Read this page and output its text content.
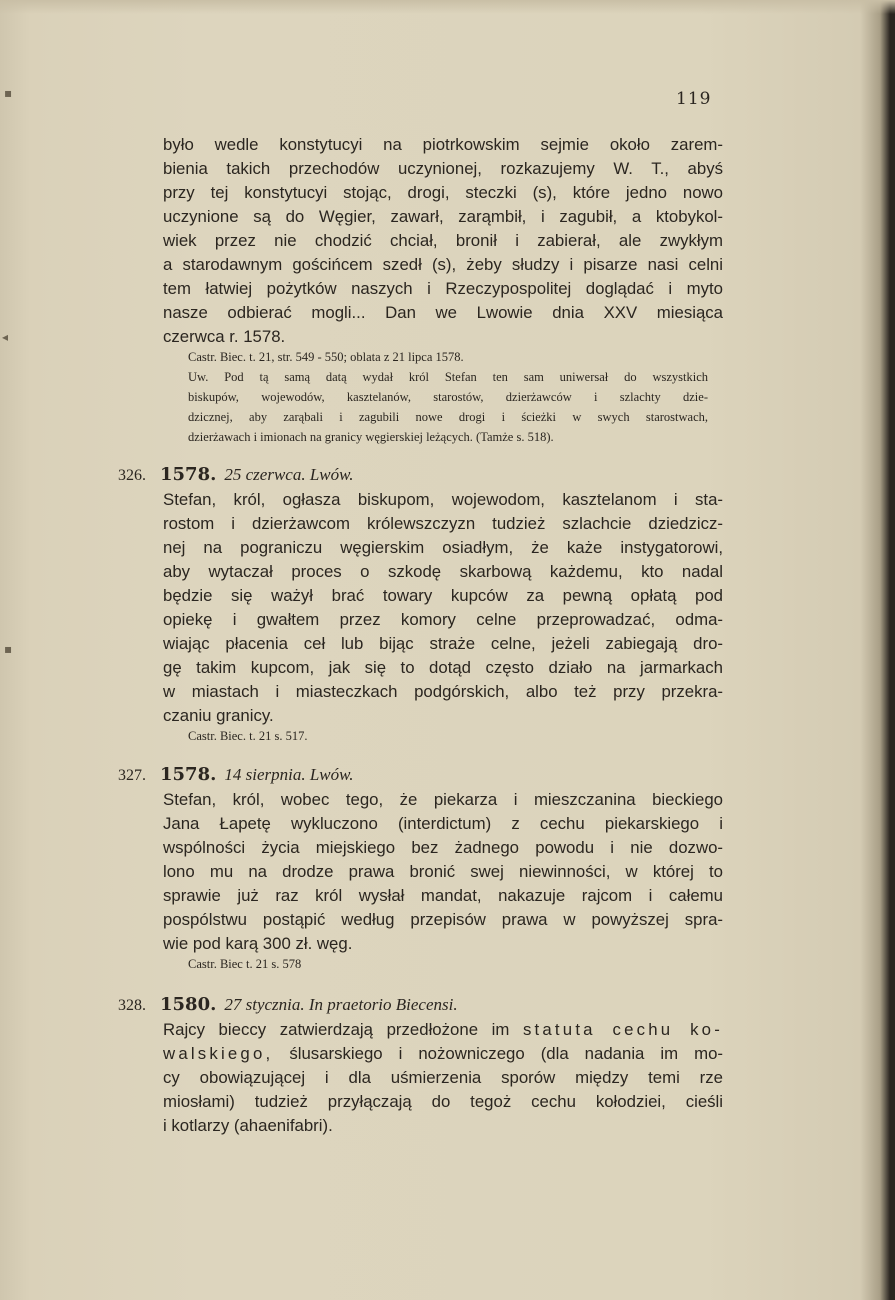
▪
◂
▪
119
było wedle konstytucyi na piotrkowskim sejmie około zarem-
bienia takich przechodów uczynionej, rozkazujemy W. T., abyś
przy tej konstytucyi stojąc, drogi, steczki (s), które jedno nowo
uczynione są do Węgier, zawarł, zarąmbił, i zagubił, a ktobykol-
wiek przez nie chodzić chciał, bronił i zabierał, ale zwykłym
a starodawnym gościńcem szedł (s), żeby słudzy i pisarze nasi celni
tem łatwiej pożytków naszych i Rzeczypospolitej doglądać i myto
nasze odbierać mogli... Dan we Lwowie dnia XXV miesiąca
czerwca r. 1578.
Castr. Biec. t. 21, str. 549 - 550; oblata z 21 lipca 1578.
Uw. Pod tą samą datą wydał król Stefan ten sam uniwersał do wszystkich
biskupów, wojewodów, kasztelanów, starostów, dzierżawców i szlachty dzie-
dzicznej, aby zarąbali i zagubili nowe drogi i ścieżki w swych starostwach,
dzierżawach i imionach na granicy węgierskiej leżących. (Tamże s. 518).
326. 1578. 25 czerwca. Lwów.
Stefan, król, ogłasza biskupom, wojewodom, kasztelanom i sta-
rostom i dzierżawcom królewszczyzn tudzież szlachcie dziedzicz-
nej na pograniczu węgierskim osiadłym, że każe instygatorowi,
aby wytaczał proces o szkodę skarbową każdemu, kto nadal
będzie się ważył brać towary kupców za pewną opłatą pod
opiekę i gwałtem przez komory celne przeprowadzać, odma-
wiając płacenia ceł lub bijąc straże celne, jeżeli zabiegają dro-
gę takim kupcom, jak się to dotąd często działo na jarmarkach
w miastach i miasteczkach podgórskich, albo też przy przekra-
czaniu granicy.
Castr. Biec. t. 21 s. 517.
327. 1578. 14 sierpnia. Lwów.
Stefan, król, wobec tego, że piekarza i mieszczanina bieckiego
Jana Łapetę wykluczono (interdictum) z cechu piekarskiego i
wspólności życia miejskiego bez żadnego powodu i nie dozwo-
lono mu na drodze prawa bronić swej niewinności, w której to
sprawie już raz król wysłał mandat, nakazuje rajcom i całemu
pospólstwu postąpić według przepisów prawa w powyższej spra-
wie pod karą 300 zł. węg.
Castr. Biec t. 21 s. 578
328. 1580. 27 stycznia. In praetorio Biecensi.
Rajcy bieccy zatwierdzają przedłożone im statuta cechu ko-
walskiego, ślusarskiego i nożowniczego (dla nadania im mo-
cy obowiązującej i dla uśmierzenia sporów między temi rze
miosłami) tudzież przyłączają do tegoż cechu kołodziei, cieśli
i kotlarzy (ahaenifabri).
